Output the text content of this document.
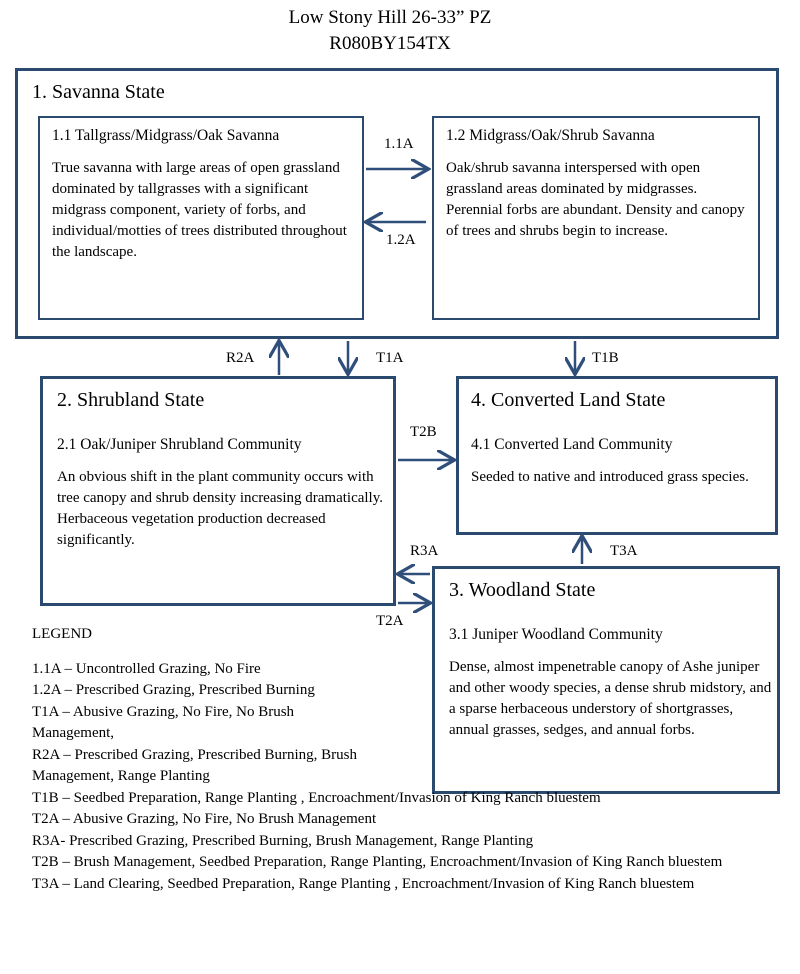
Low Stony Hill 26-33” PZ
R080BY154TX
1. Savanna State

1.1 Tallgrass/Midgrass/Oak Savanna

True savanna with large areas of open grassland dominated by tallgrasses with a significant midgrass component, variety of forbs, and individual/motties of trees distributed throughout the landscape.

1.2 Midgrass/Oak/Shrub Savanna

Oak/shrub savanna interspersed with open grassland areas dominated by midgrasses. Perennial forbs are abundant. Density and canopy of trees and shrubs begin to increase.

2. Shrubland State

2.1 Oak/Juniper Shrubland Community

An obvious shift in the plant community occurs with tree canopy and shrub density increasing dramatically. Herbaceous vegetation production decreased significantly.

4. Converted Land State

4.1 Converted Land Community

Seeded to native and introduced grass species.

3. Woodland State

3.1 Juniper Woodland Community

Dense, almost impenetrable canopy of Ashe juniper and other woody species, a dense shrub midstory, and a sparse herbaceous understory of shortgrasses, annual grasses, sedges, and annual forbs.

1.1A
1.2A
R2A	T1A	T1B
T2B
R3A	T3A
T2A
LEGEND
1.1A – Uncontrolled Grazing, No Fire
1.2A – Prescribed Grazing, Prescribed Burning
T1A – Abusive Grazing, No Fire, No Brush Management,
R2A – Prescribed Grazing, Prescribed Burning, Brush Management, Range Planting
T1B – Seedbed Preparation, Range Planting , Encroachment/Invasion of King Ranch bluestem
T2A – Abusive Grazing, No Fire, No Brush Management
R3A- Prescribed Grazing, Prescribed Burning, Brush Management, Range Planting
T2B – Brush Management, Seedbed Preparation, Range Planting, Encroachment/Invasion of King Ranch bluestem
T3A – Land Clearing, Seedbed Preparation, Range Planting , Encroachment/Invasion of King Ranch bluestem
